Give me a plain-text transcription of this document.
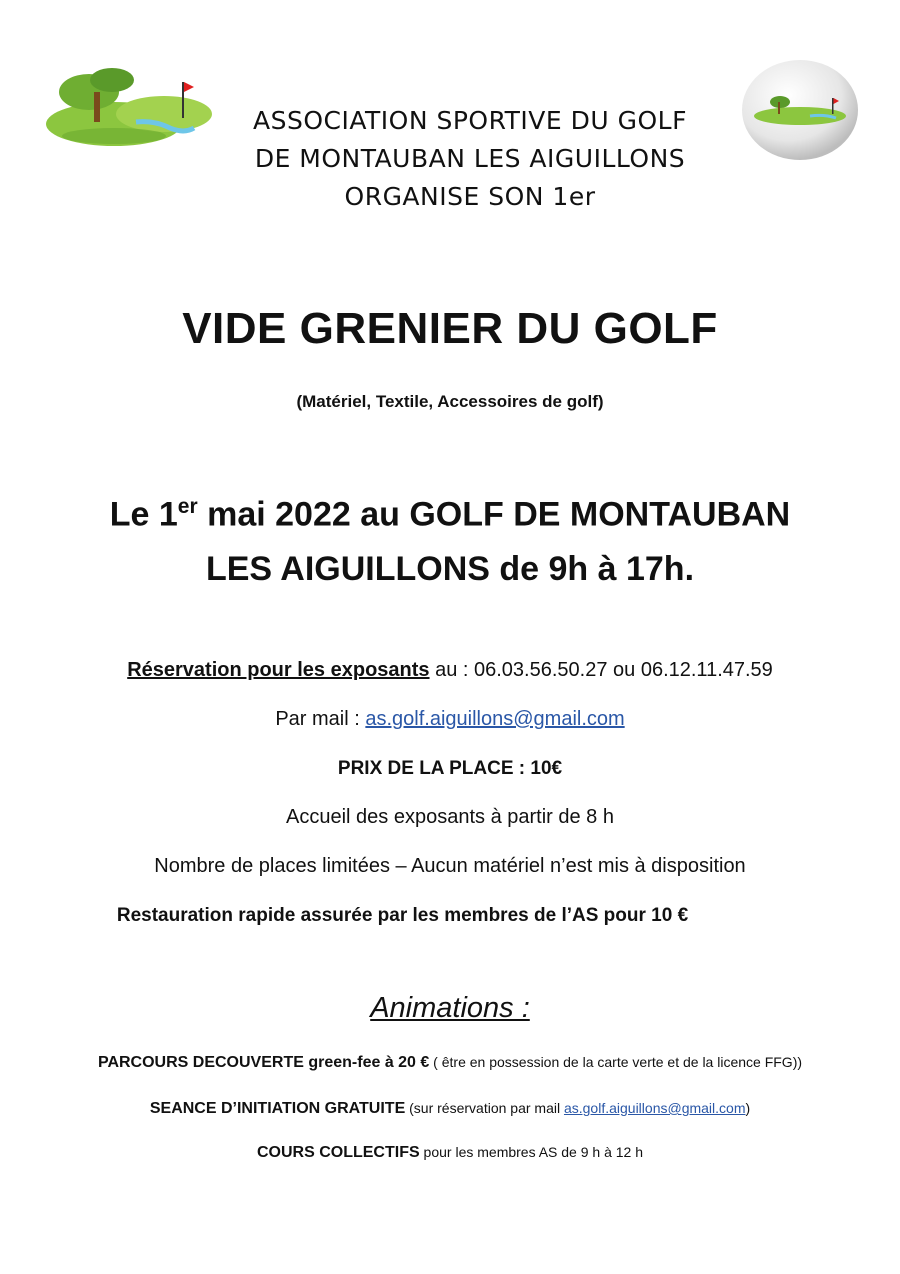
ASSOCIATION SPORTIVE DU GOLF
DE MONTAUBAN LES AIGUILLONS
ORGANISE SON 1er
VIDE GRENIER DU GOLF
(Matériel, Textile, Accessoires de golf)
Le 1er mai 2022 au GOLF DE MONTAUBAN
LES AIGUILLONS de 9h à 17h.
Réservation pour les exposants au : 06.03.56.50.27 ou 06.12.11.47.59
Par mail : as.golf.aiguillons@gmail.com
PRIX DE LA PLACE : 10€
Accueil des exposants à partir de 8 h
Nombre de places limitées – Aucun matériel n’est mis à disposition
Restauration rapide assurée par les membres de l’AS pour 10 €
Animations :
PARCOURS DECOUVERTE green-fee à 20 € ( être en possession de la carte verte et de la licence FFG))
SEANCE D’INITIATION GRATUITE (sur réservation par mail as.golf.aiguillons@gmail.com)
COURS COLLECTIFS pour les membres AS de 9 h à 12 h
